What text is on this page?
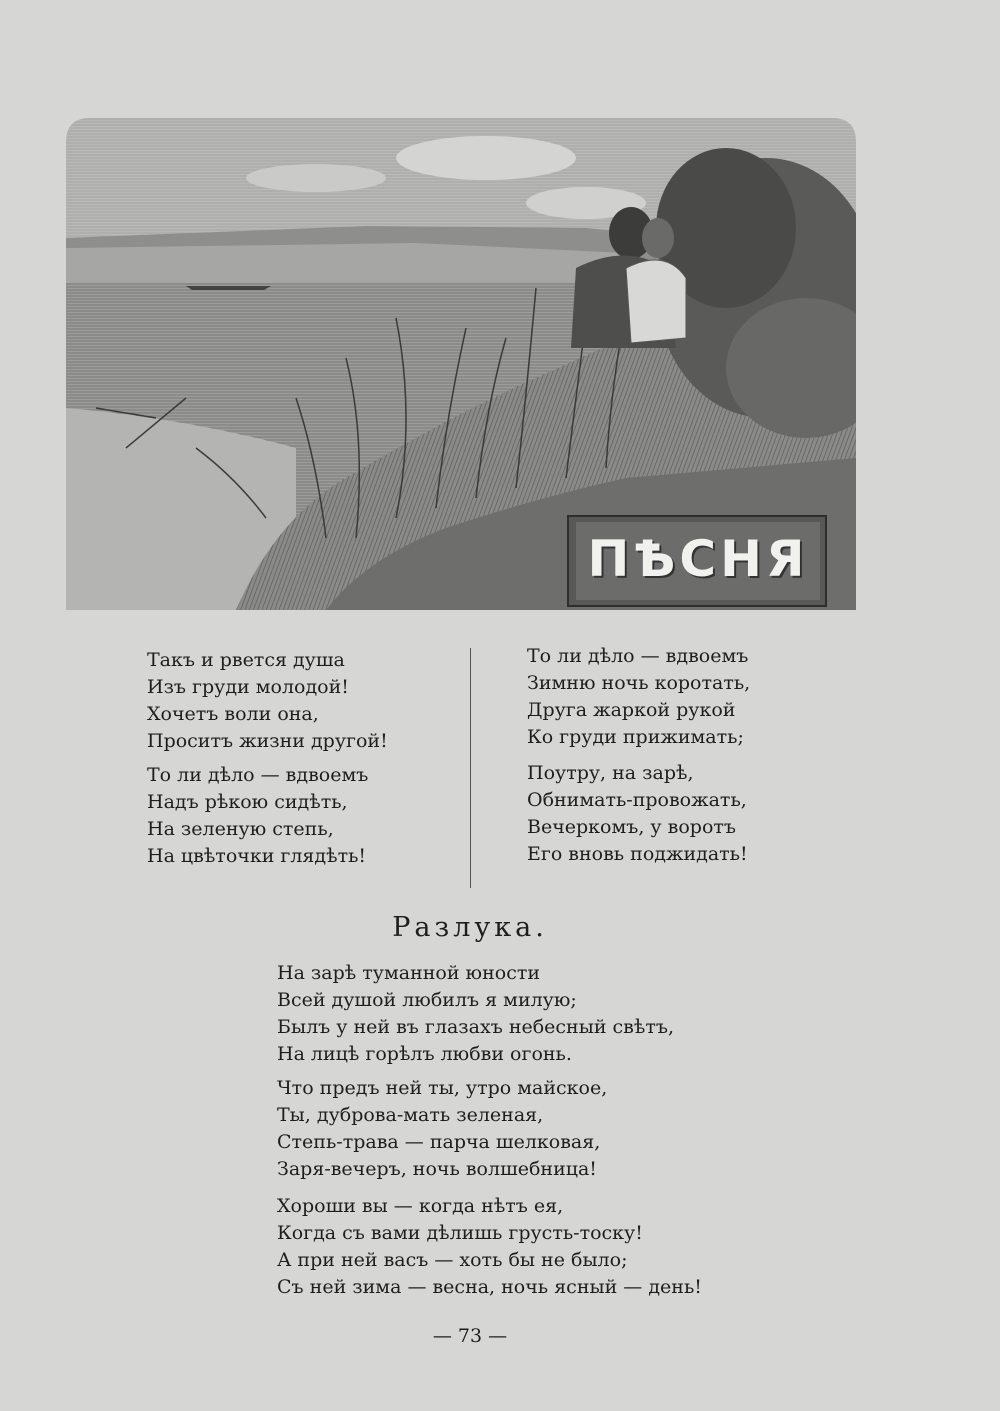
ПѢСНЯ
Такъ и рвется душа
Изъ груди молодой!
Хочетъ воли она,
Проситъ жизни другой!
То ли дѣло — вдвоемъ
Надъ рѣкою сидѣть,
На зеленую степь,
На цвѣточки глядѣть!
То ли дѣло — вдвоемъ
Зимню ночь коротать,
Друга жаркой рукой
Ко груди прижимать;
Поутру, на зарѣ,
Обнимать-провожать,
Вечеркомъ, у воротъ
Его вновь поджидать!
Разлука.
На зарѣ туманной юности
Всей душой любилъ я милую;
Былъ у ней въ глазахъ небесный свѣтъ,
На лицѣ горѣлъ любви огонь.
Что предъ ней ты, утро майское,
Ты, дуброва-мать зеленая,
Степь-трава — парча шелковая,
Заря-вечеръ, ночь волшебница!
Хороши вы — когда нѣтъ ея,
Когда съ вами дѣлишь грусть-тоску!
А при ней васъ — хоть бы не было;
Съ ней зима — весна, ночь ясный — день!
— 73 —
